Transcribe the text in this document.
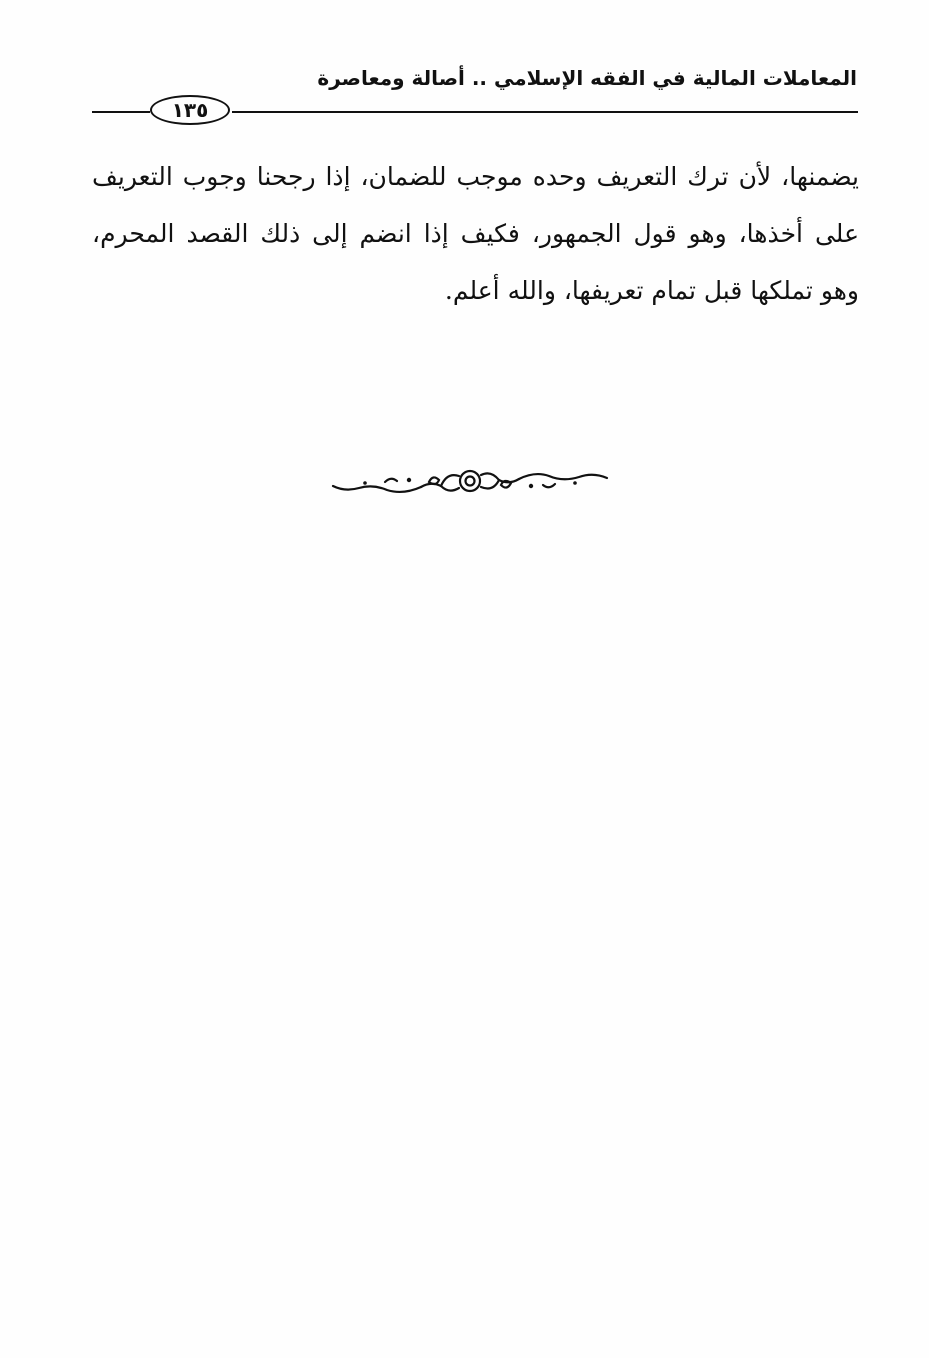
المعاملات المالية في الفقه الإسلامي .. أصالة ومعاصرة
١٣٥
يضمنها، لأن ترك التعريف وحده موجب للضمان، إذا رجحنا وجوب التعريف
على أخذها، وهو قول الجمهور، فكيف إذا انضم إلى ذلك القصد المحرم،
وهو تملكها قبل تمام تعريفها، والله أعلم.
